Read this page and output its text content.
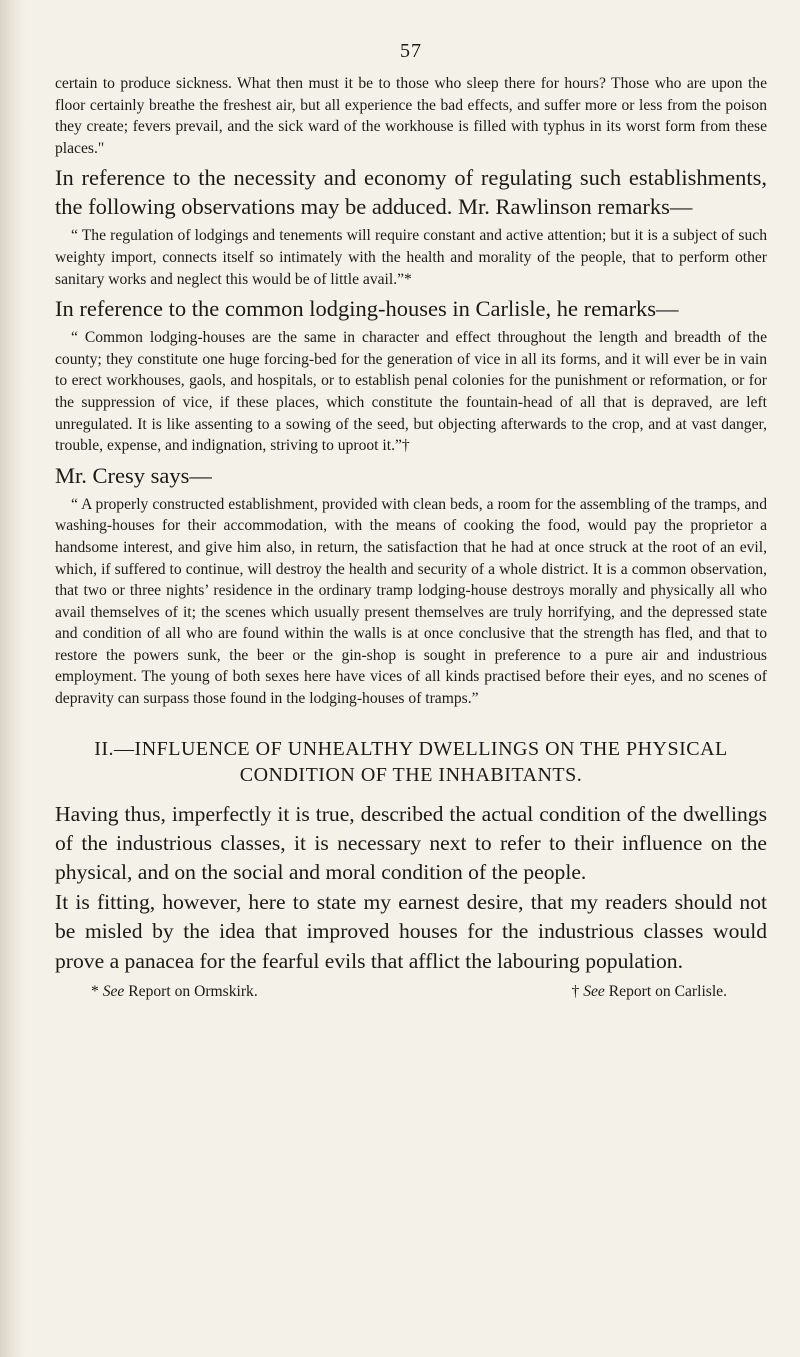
57

certain to produce sickness. What then must it be to those who sleep there for hours? Those who are upon the floor certainly breathe the freshest air, but all experience the bad effects, and suffer more or less from the poison they create; fevers prevail, and the sick ward of the workhouse is filled with typhus in its worst form from these places."

In reference to the necessity and economy of regulating such establishments, the following observations may be adduced. Mr. Rawlinson remarks—

“ The regulation of lodgings and tenements will require constant and active attention; but it is a subject of such weighty import, connects itself so intimately with the health and morality of the people, that to perform other sanitary works and neglect this would be of little avail.”*

In reference to the common lodging-houses in Carlisle, he remarks—

“ Common lodging-houses are the same in character and effect throughout the length and breadth of the county; they constitute one huge forcing-bed for the generation of vice in all its forms, and it will ever be in vain to erect workhouses, gaols, and hospitals, or to establish penal colonies for the punishment or reformation, or for the suppression of vice, if these places, which constitute the fountain-head of all that is depraved, are left unregulated. It is like assenting to a sowing of the seed, but objecting afterwards to the crop, and at vast danger, trouble, expense, and indignation, striving to uproot it.”†

Mr. Cresy says—

“ A properly constructed establishment, provided with clean beds, a room for the assembling of the tramps, and washing-houses for their accommodation, with the means of cooking the food, would pay the proprietor a handsome interest, and give him also, in return, the satisfaction that he had at once struck at the root of an evil, which, if suffered to continue, will destroy the health and security of a whole district. It is a common observation, that two or three nights’ residence in the ordinary tramp lodging-house destroys morally and physically all who avail themselves of it; the scenes which usually present themselves are truly horrifying, and the depressed state and condition of all who are found within the walls is at once conclusive that the strength has fled, and that to restore the powers sunk, the beer or the gin-shop is sought in preference to a pure air and industrious employment. The young of both sexes here have vices of all kinds practised before their eyes, and no scenes of depravity can surpass those found in the lodging-houses of tramps.”

II.—INFLUENCE OF UNHEALTHY DWELLINGS ON THE PHYSICAL CONDITION OF THE INHABITANTS.

Having thus, imperfectly it is true, described the actual condition of the dwellings of the industrious classes, it is necessary next to refer to their influence on the physical, and on the social and moral condition of the people.

It is fitting, however, here to state my earnest desire, that my readers should not be misled by the idea that improved houses for the industrious classes would prove a panacea for the fearful evils that afflict the labouring population.

* See Report on Ormskirk.	† See Report on Carlisle.
